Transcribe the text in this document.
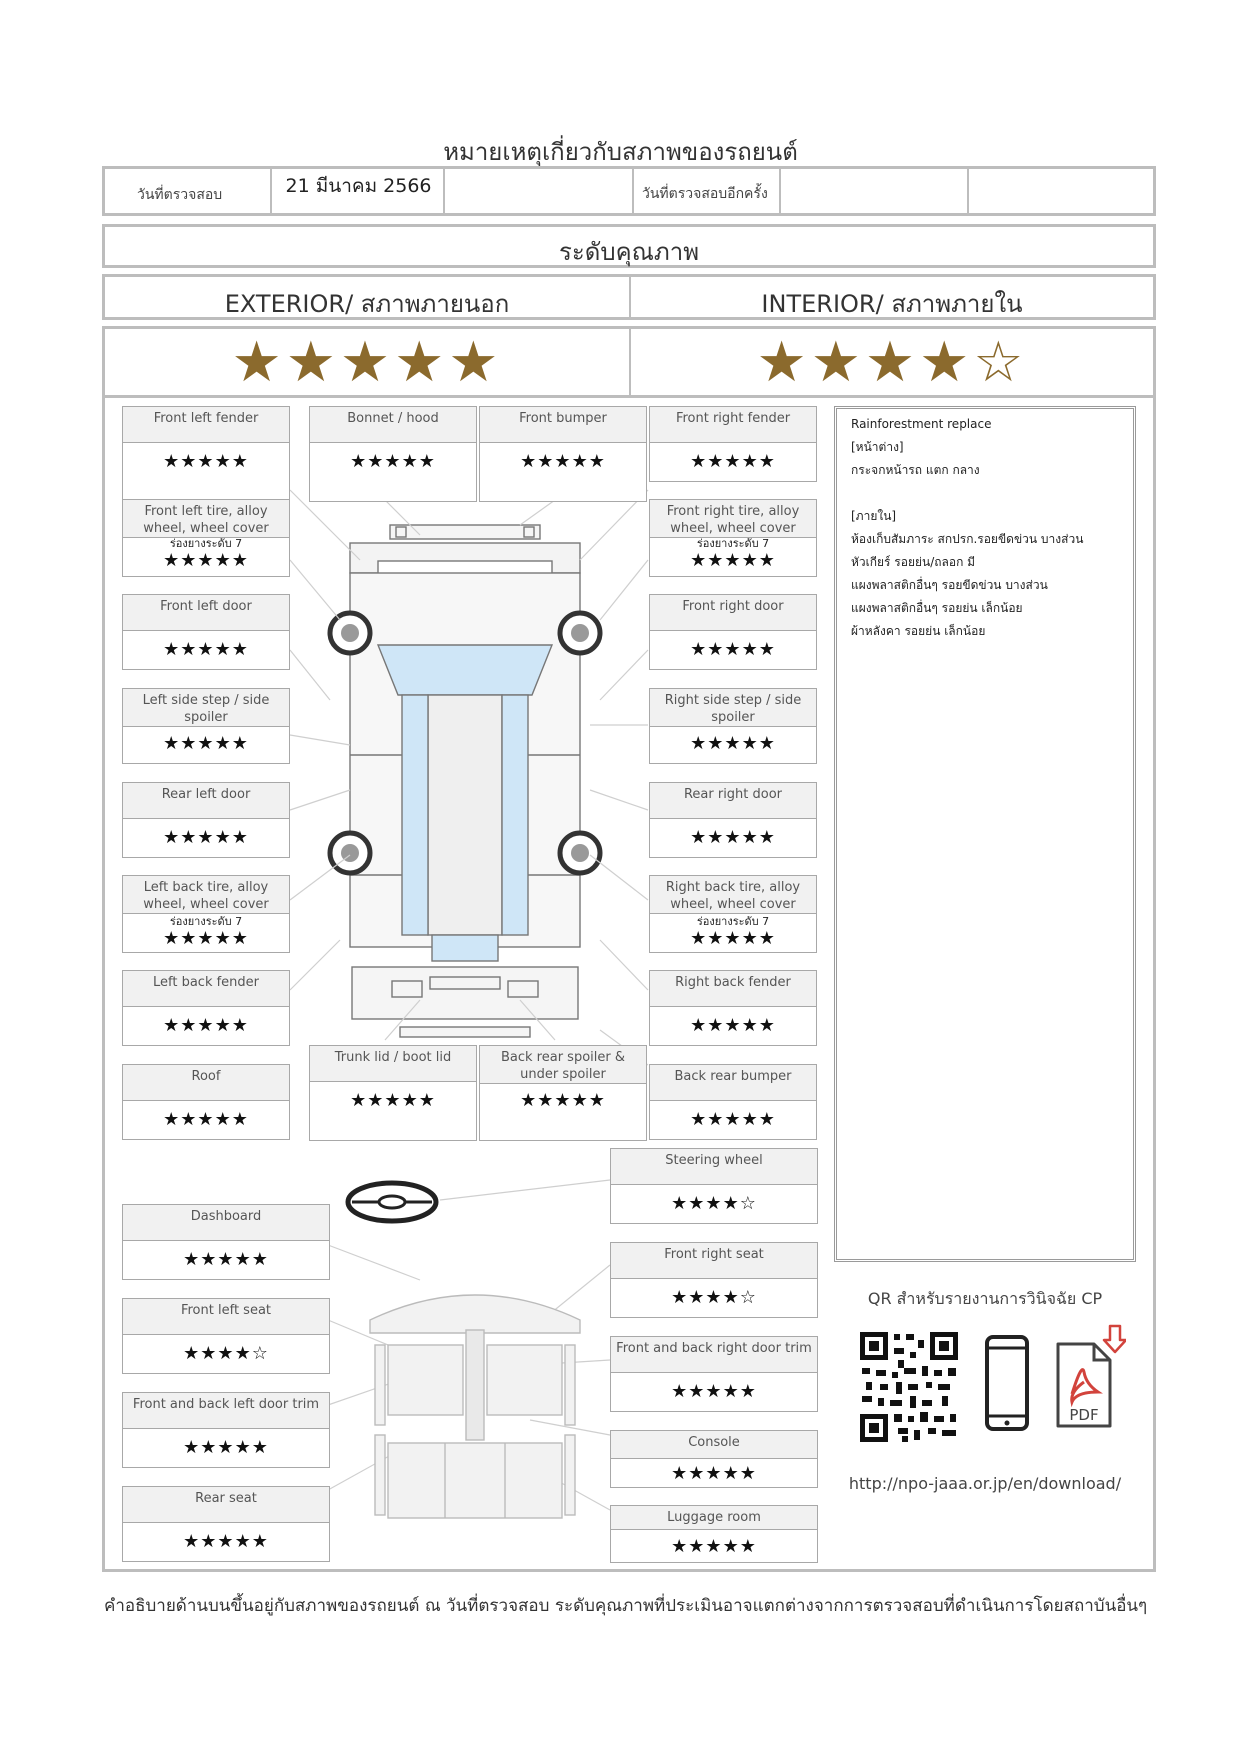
หมายเหตุเกี่ยวกับสภาพของรถยนต์
วันที่ตรวจสอบ	21 มีนาคม 2566	วันที่ตรวจสอบอีกครั้ง
ระดับคุณภาพ
EXTERIOR/ สภาพภายนอก	INTERIOR/ สภาพภายใน
★★★★★	★★★★☆
Rainforestment replace
[หน้าต่าง]
กระจกหน้ารถ แตก กลาง
[ภายใน]
ห้องเก็บสัมภาระ สกปรก.รอยขีดข่วน บางส่วน
หัวเกียร์ รอยย่น/ถลอก มี
แผงพลาสติกอื่นๆ รอยขีดข่วน บางส่วน
แผงพลาสติกอื่นๆ รอยย่น เล็กน้อย
ผ้าหลังคา รอยย่น เล็กน้อย
Front left fender
★★★★★
Bonnet / hood
★★★★★
Front bumper
★★★★★
Front right fender
★★★★★
Front left tire, alloy wheel, wheel cover
ร่องยางระดับ 7
★★★★★
Front right tire, alloy wheel, wheel cover
ร่องยางระดับ 7
★★★★★
Front left door
★★★★★
Front right door
★★★★★
Left side step / side spoiler
★★★★★
Right side step / side spoiler
★★★★★
Rear left door
★★★★★
Rear right door
★★★★★
Left back tire, alloy wheel, wheel cover
ร่องยางระดับ 7
★★★★★
Right back tire, alloy wheel, wheel cover
ร่องยางระดับ 7
★★★★★
Left back fender
★★★★★
Right back fender
★★★★★
Trunk lid / boot lid
★★★★★
Back rear spoiler & under spoiler
★★★★★
Roof
★★★★★
Back rear bumper
★★★★★
Steering wheel
★★★★☆
Dashboard
★★★★★	Front right seat
★★★★☆
Front left seat
★★★★☆	Front and back right door trim
★★★★★
Front and back left door trim
★★★★★	Console
★★★★★
Rear seat
★★★★★
Luggage room
★★★★★
QR สำหรับรายงานการวินิจฉัย CP
PDF
http://npo-jaaa.or.jp/en/download/
คำอธิบายด้านบนขึ้นอยู่กับสภาพของรถยนต์ ณ วันที่ตรวจสอบ ระดับคุณภาพที่ประเมินอาจแตกต่างจากการตรวจสอบที่ดำเนินการโดยสถาบันอื่นๆ
